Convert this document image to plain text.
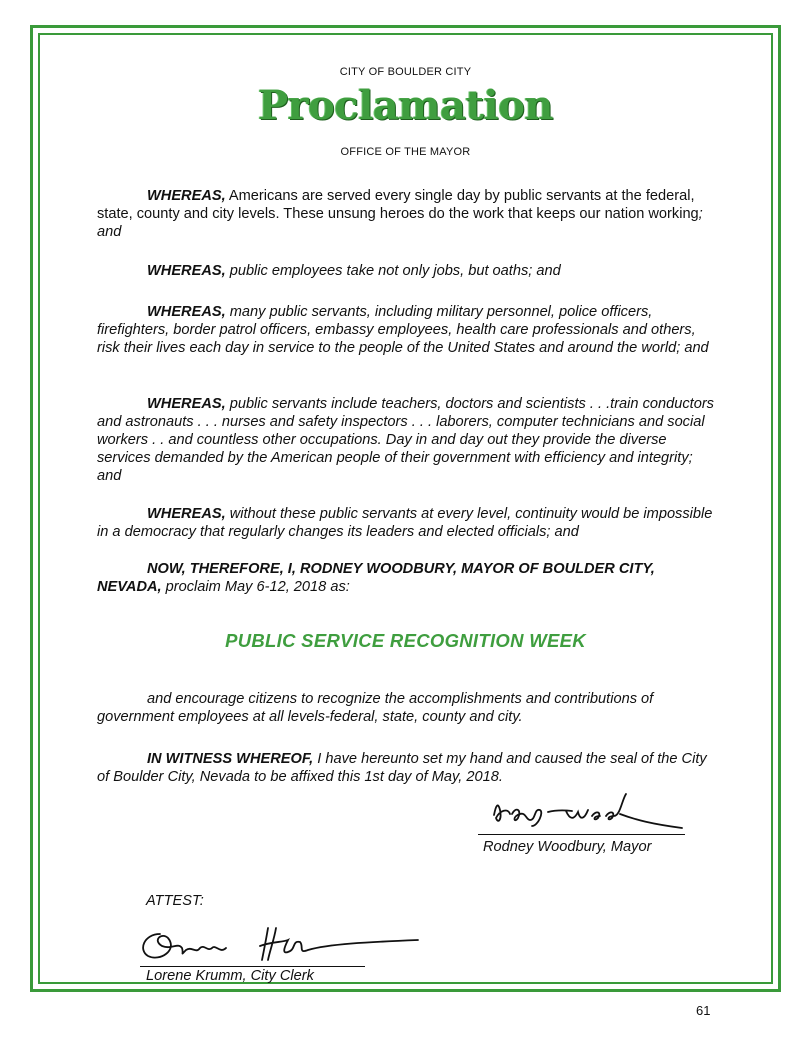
CITY OF BOULDER CITY
Proclamation
OFFICE OF THE MAYOR

WHEREAS, Americans are served every single day by public servants at the federal, state, county and city levels. These unsung heroes do the work that keeps our nation working; and

WHEREAS, public employees take not only jobs, but oaths; and

WHEREAS, many public servants, including military personnel, police officers, firefighters, border patrol officers, embassy employees, health care professionals and others, risk their lives each day in service to the people of the United States and around the world; and

WHEREAS, public servants include teachers, doctors and scientists . . .train conductors and astronauts . . . nurses and safety inspectors . . . laborers, computer technicians and social workers . . and countless other occupations. Day in and day out they provide the diverse services demanded by the American people of their government with efficiency and integrity; and

WHEREAS, without these public servants at every level, continuity would be impossible in a democracy that regularly changes its leaders and elected officials; and

NOW, THEREFORE, I, RODNEY WOODBURY, MAYOR OF BOULDER CITY, NEVADA, proclaim May 6-12, 2018 as:

PUBLIC SERVICE RECOGNITION WEEK

and encourage citizens to recognize the accomplishments and contributions of government employees at all levels-federal, state, county and city.

IN WITNESS WHEREOF, I have hereunto set my hand and caused the seal of the City of Boulder City, Nevada to be affixed this 1st day of May, 2018.

Rodney Woodbury, Mayor
ATTEST:
Lorene Krumm, City Clerk
61
